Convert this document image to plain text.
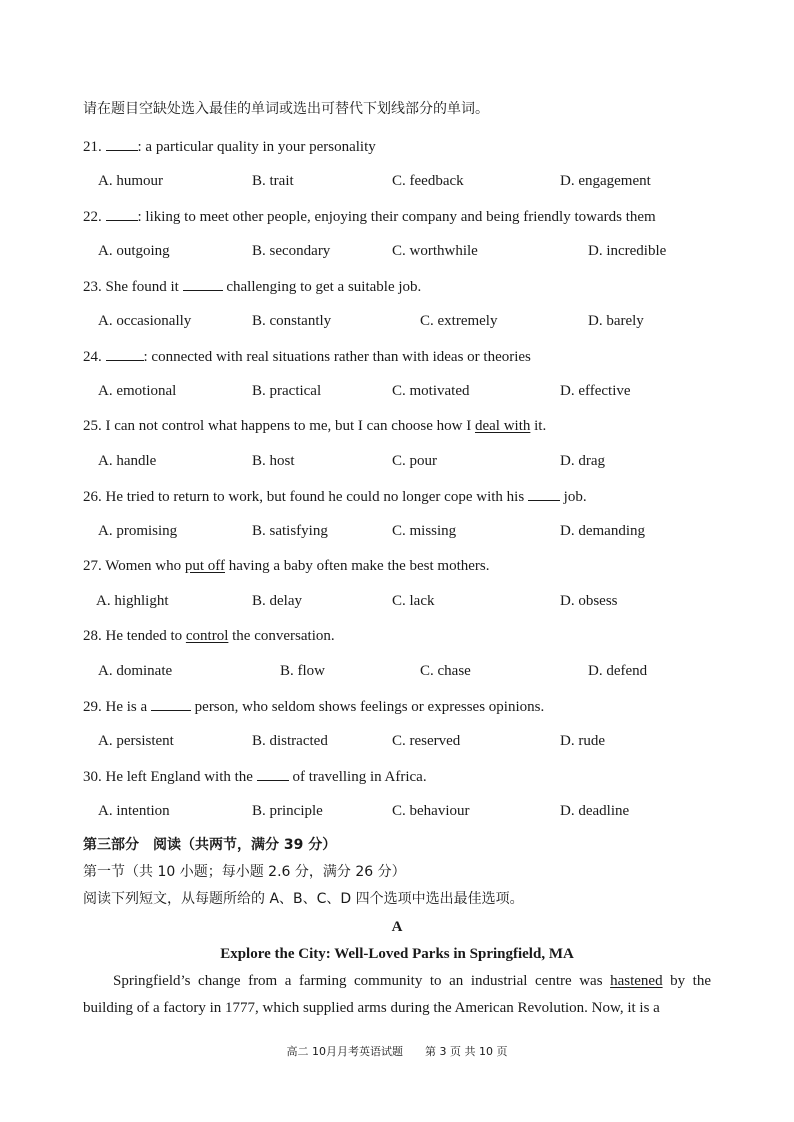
请在题目空缺处选入最佳的单词或选出可替代下划线部分的单词。
21. : a particular quality in your personality
A. humour	B. trait	C. feedback	D. engagement
22. : liking to meet other people, enjoying their company and being friendly towards them
A. outgoing	B. secondary	C. worthwhile	D. incredible
23. She found it	challenging to get a suitable job.
A. occasionally	B. constantly	C. extremely	D. barely
24.	: connected with real situations rather than with ideas or theories
A. emotional	B. practical	C. motivated	D. effective
25. I can not control what happens to me, but I can choose how I deal with it.
A. handle	B. host	C. pour	D. drag
26. He tried to return to work, but found he could no longer cope with his	job.
A. promising	B. satisfying	C. missing	D. demanding
27. Women who put off having a baby often make the best mothers.
A. highlight	B. delay	C. lack	D. obsess
28. He tended to control the conversation.
A. dominate	B. flow	C. chase	D. defend
29. He is a	person, who seldom shows feelings or expresses opinions.
A. persistent	B. distracted	C. reserved	D. rude
30. He left England with the	of travelling in Africa.
A. intention	B. principle	C. behaviour	D. deadline
第三部分　阅读（共两节，满分 39 分）
第一节（共 10 小题；每小题 2.6 分，满分 26 分）
阅读下列短文，从每题所给的 A、B、C、D 四个选项中选出最佳选项。
A
Explore the City: Well-Loved Parks in Springfield, MA
Springfield’s change from a farming community to an industrial centre was hastened by the building of a factory in 1777, which supplied arms during the American Revolution. Now, it is a
高二 10月月考英语试题　　第 3 页 共 10 页
